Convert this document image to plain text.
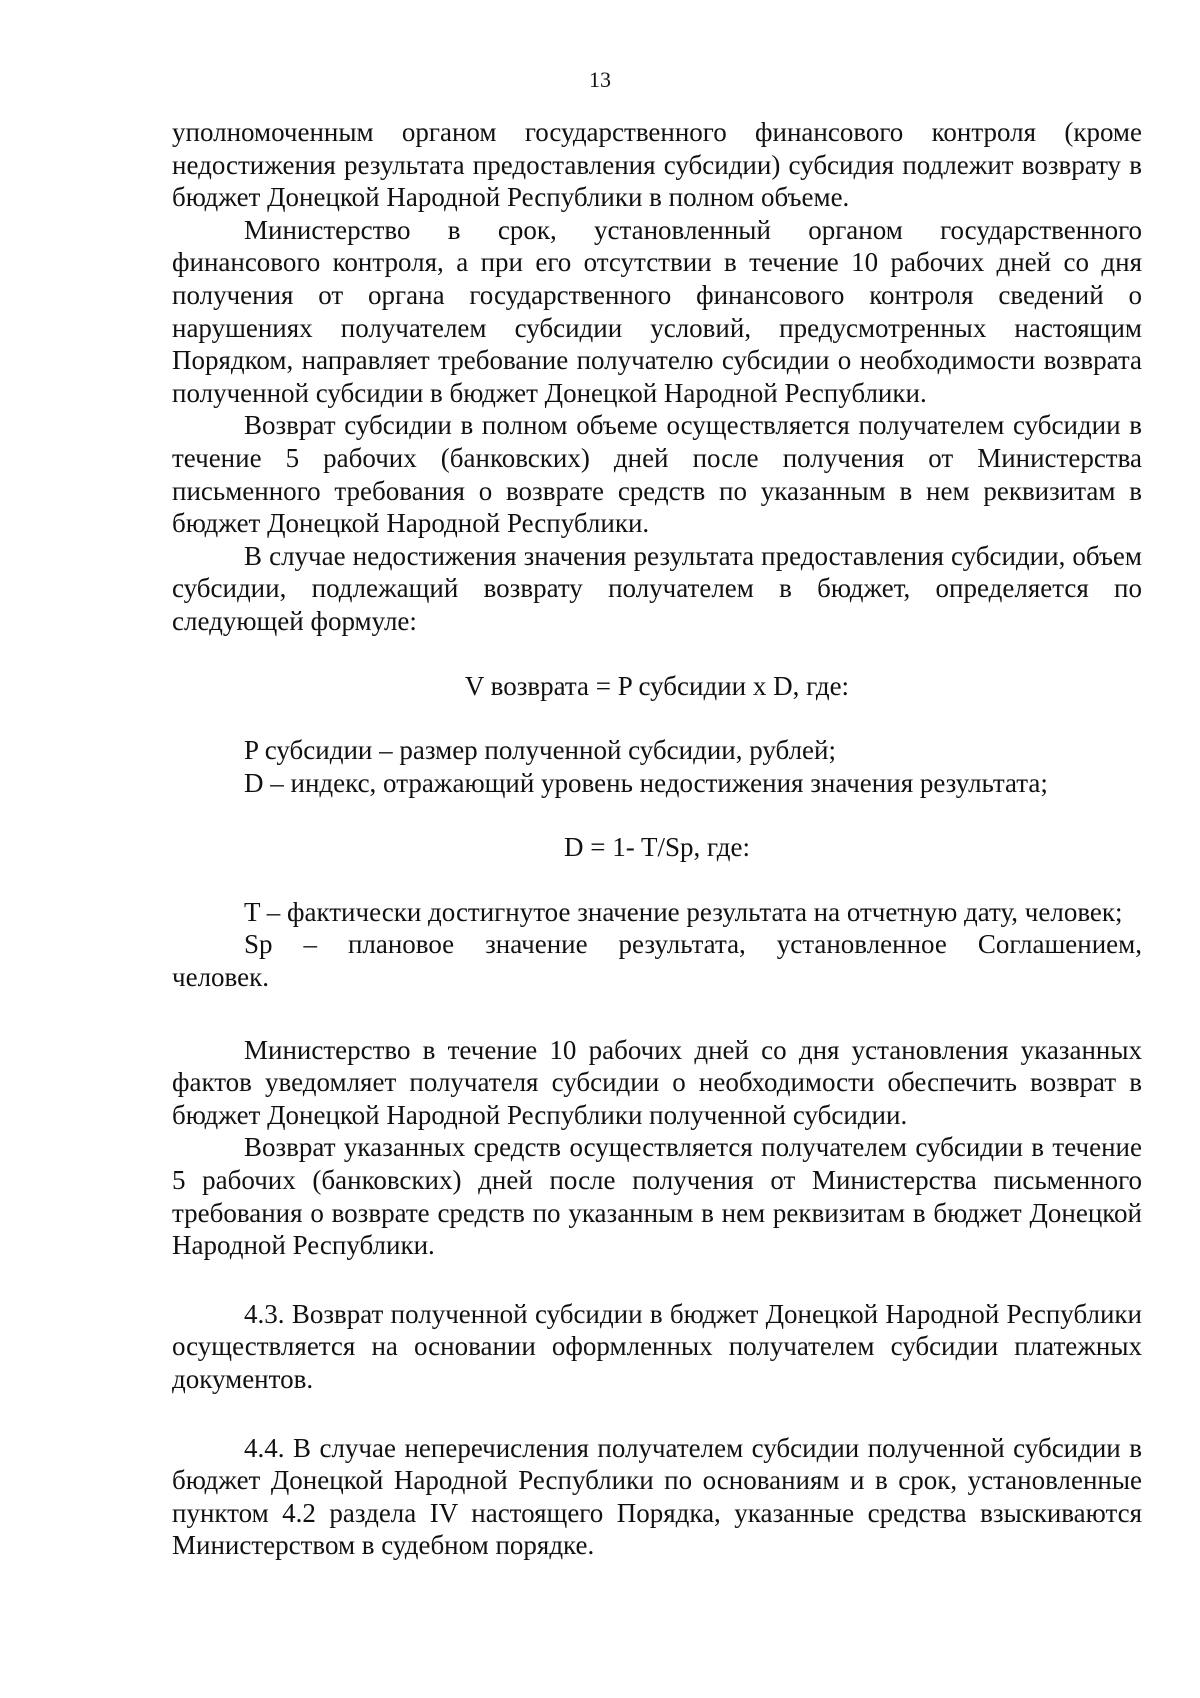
13

уполномоченным органом государственного финансового контроля (кроме недостижения результата предоставления субсидии) субсидия подлежит возврату в бюджет Донецкой Народной Республики в полном объеме.

Министерство в срок, установленный органом государственного финансового контроля, а при его отсутствии в течение 10 рабочих дней со дня получения от органа государственного финансового контроля сведений о нарушениях получателем субсидии условий, предусмотренных настоящим Порядком, направляет требование получателю субсидии о необходимости возврата полученной субсидии в бюджет Донецкой Народной Республики.

Возврат субсидии в полном объеме осуществляется получателем субсидии в течение 5 рабочих (банковских) дней после получения от Министерства письменного требования о возврате средств по указанным в нем реквизитам в бюджет Донецкой Народной Республики.

В случае недостижения значения результата предоставления субсидии, объем субсидии, подлежащий возврату получателем в бюджет, определяется по следующей формуле:

V возврата = P субсидии x D, где:

P субсидии – размер полученной субсидии, рублей;

D – индекс, отражающий уровень недостижения значения результата;

D = 1- T/Sp, где:

T – фактически достигнутое значение результата на отчетную дату, человек;

Sp – плановое значение результата, установленное Соглашением,

человек.

Министерство в течение 10 рабочих дней со дня установления указанных фактов уведомляет получателя субсидии о необходимости обеспечить возврат в бюджет Донецкой Народной Республики полученной субсидии.

Возврат указанных средств осуществляется получателем субсидии в течение 5 рабочих (банковских) дней после получения от Министерства письменного требования о возврате средств по указанным в нем реквизитам в бюджет Донецкой Народной Республики.

4.3. Возврат полученной субсидии в бюджет Донецкой Народной Республики осуществляется на основании оформленных получателем субсидии платежных документов.

4.4. В случае неперечисления получателем субсидии полученной субсидии в бюджет Донецкой Народной Республики по основаниям и в срок, установленные пунктом 4.2 раздела IV настоящего Порядка, указанные средства взыскиваются Министерством в судебном порядке.
